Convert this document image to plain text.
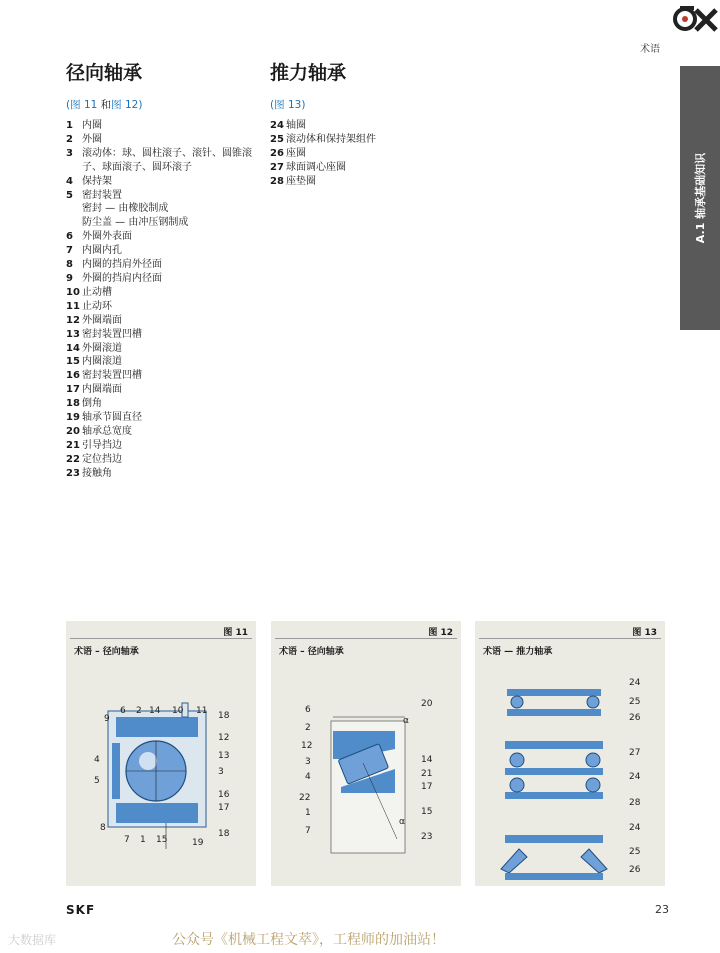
术语
A.1 轴承基础知识
径向轴承
(图 11 和图 12)
1 内圈
2 外圈
3 滚动体：球、圆柱滚子、滚针、圆锥滚子、球面滚子、圆环滚子
4 保持架
5 密封装置
密封 — 由橡胶制成
防尘盖 — 由冲压钢制成
6 外圈外表面
7 内圈内孔
8 内圈的挡肩外径面
9 外圈的挡肩内径面
10 止动槽
11 止动环
12 外圈端面
13 密封装置凹槽
14 外圈滚道
15 内圈滚道
16 密封装置凹槽
17 内圈端面
18 倒角
19 轴承节圆直径
20 轴承总宽度
21 引导挡边
22 定位挡边
23 接触角
推力轴承
(图 13)
24 轴圈
25 滚动体和保持架组件
26 座圈
27 球面调心座圈
28 座垫圈
图 11
术语 – 径向轴承
9
6 2 14 10 11 18
12
4	13
3
5
16
17
8
7 1 15
18
19
图 12
术语 – 径向轴承
20
6
2
α
12
14
3
21
4
17
22
1	15
7
α
23
图 13
术语 — 推力轴承
24
25
26
27
24
28
24
25
26
SKF	23
大数据库	公众号《机械工程文萃》，工程师的加油站！
